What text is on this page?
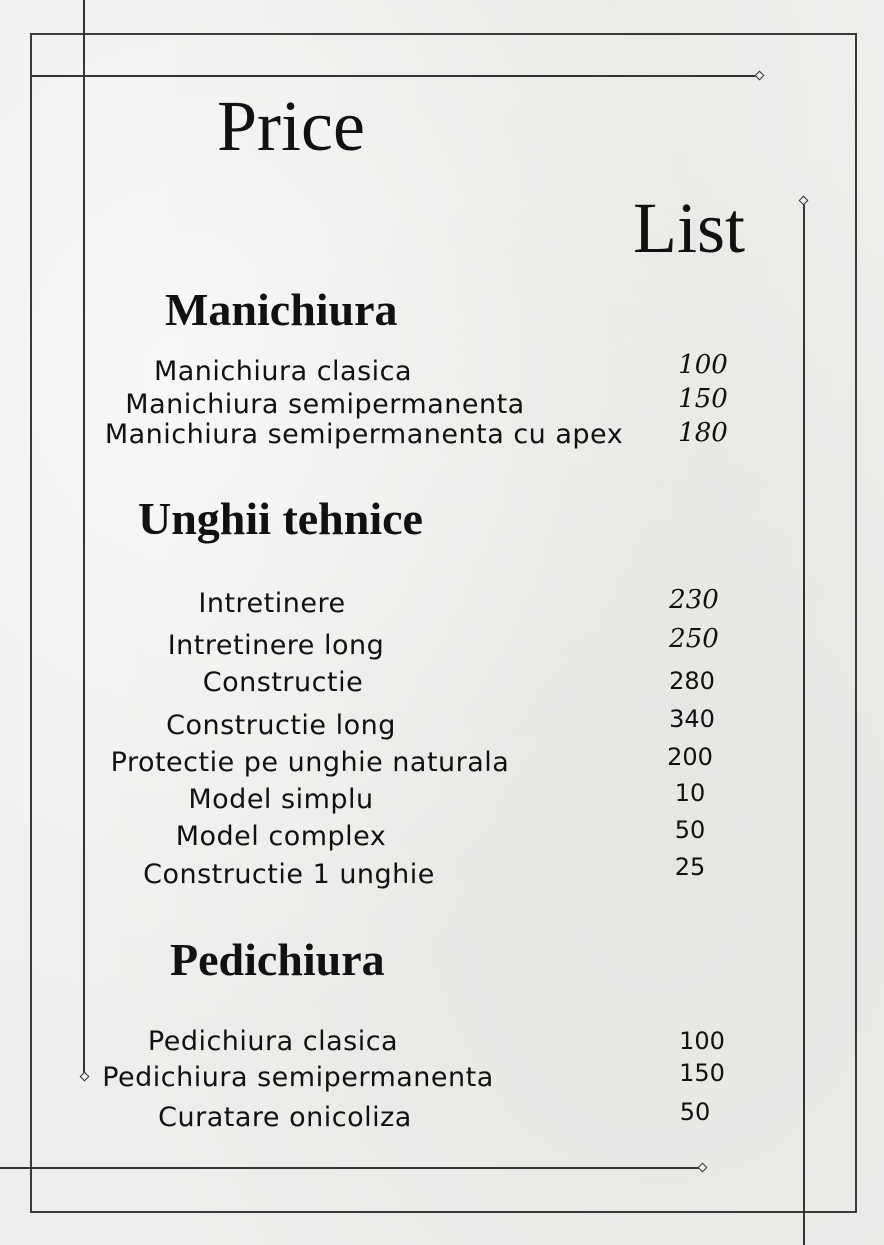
Price
List
Manichiura
Manichiura clasica	100
Manichiura semipermanenta	150
Manichiura semipermanenta cu apex 180
Unghii tehnice
Intretinere	230
Intretinere long	250
Constructie	280
Constructie long	340
Protectie pe unghie naturala	200
Model simplu	10
Model complex	50
Constructie 1 unghie	25
Pedichiura
Pedichiura clasica	100
Pedichiura semipermanenta	150
Curatare onicoliza	50
